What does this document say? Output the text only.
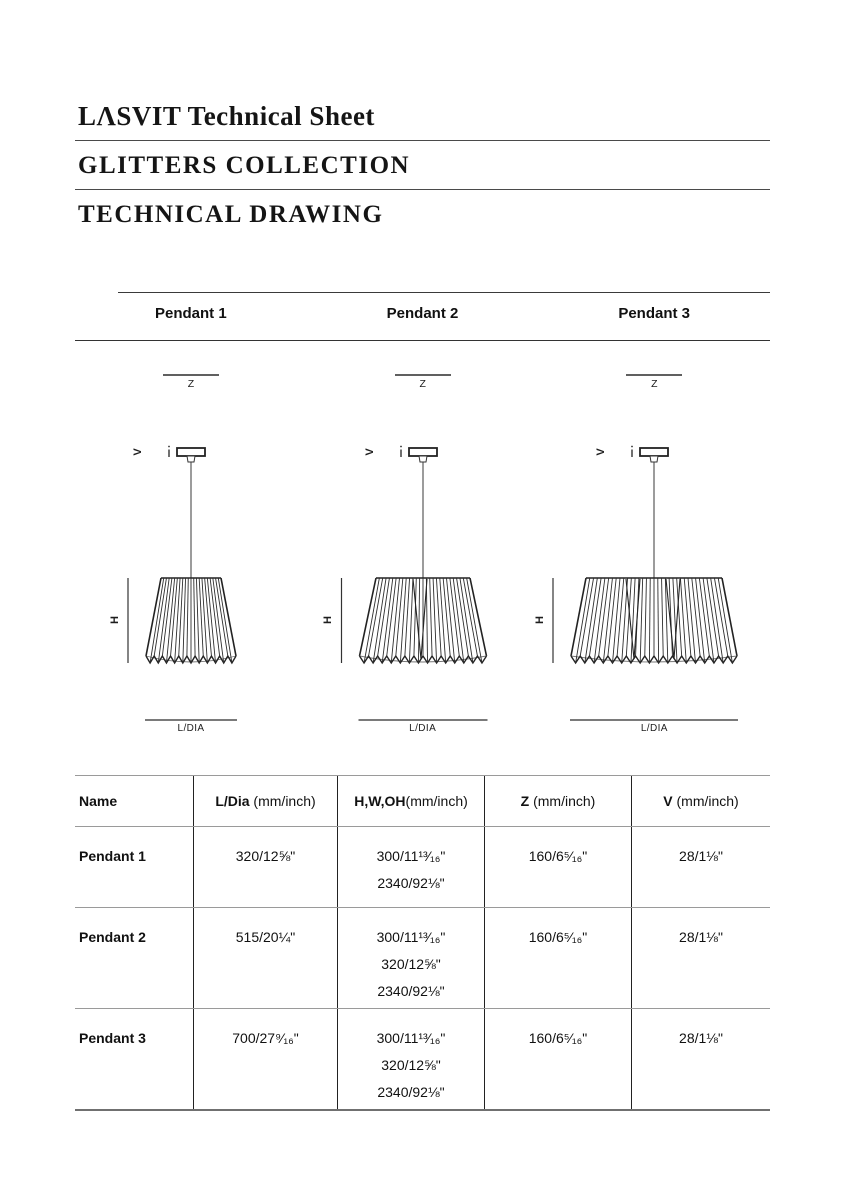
LΛSVIT Technical Sheet
GLITTERS COLLECTION
TECHNICAL DRAWING
Pendant 1	Pendant 2	Pendant 3
Z
V
H
L/DIA
Z
V
H
L/DIA
Z
V
H
L/DIA
Name	L/Dia (mm/inch)	H,W,OH (mm/inch)	Z (mm/inch)	V (mm/inch)
Pendant 1	320/12⅝"	300/11¹³⁄₁₆"
2340/92⅛"
160/6⁵⁄₁₆"	28/1⅛"
Pendant 2	515/20¼"	300/11¹³⁄₁₆"
320/12⅝"
2340/92⅛"
160/6⁵⁄₁₆"	28/1⅛"
Pendant 3	700/27⁹⁄₁₆"	300/11¹³⁄₁₆"
320/12⅝"
2340/92⅛"
160/6⁵⁄₁₆"	28/1⅛"
